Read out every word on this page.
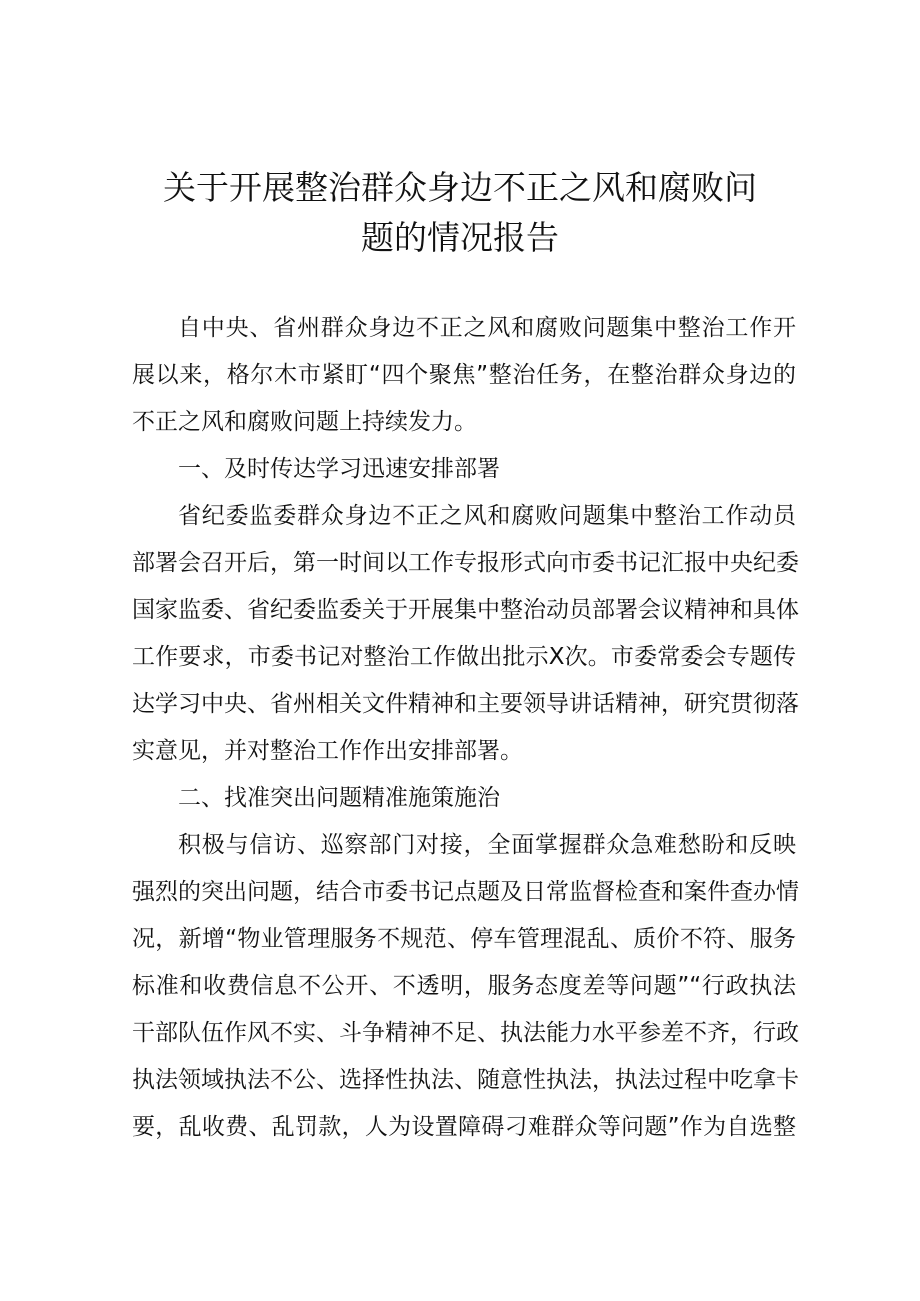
关于开展整治群众身边不正之风和腐败问
题的情况报告
自中央、省州群众身边不正之风和腐败问题集中整治工作开
展以来，格尔木市紧盯“四个聚焦”整治任务，在整治群众身边的
不正之风和腐败问题上持续发力。
一、及时传达学习迅速安排部署
省纪委监委群众身边不正之风和腐败问题集中整治工作动员
部署会召开后，第一时间以工作专报形式向市委书记汇报中央纪委
国家监委、省纪委监委关于开展集中整治动员部署会议精神和具体
工作要求，市委书记对整治工作做出批示X次。市委常委会专题传
达学习中央、省州相关文件精神和主要领导讲话精神，研究贯彻落
实意见，并对整治工作作出安排部署。
二、找准突出问题精准施策施治
积极与信访、巡察部门对接，全面掌握群众急难愁盼和反映
强烈的突出问题，结合市委书记点题及日常监督检查和案件查办情
况，新增“物业管理服务不规范、停车管理混乱、质价不符、服务
标准和收费信息不公开、不透明，服务态度差等问题”“行政执法
干部队伍作风不实、斗争精神不足、执法能力水平参差不齐，行政
执法领域执法不公、选择性执法、随意性执法，执法过程中吃拿卡
要，乱收费、乱罚款，人为设置障碍刁难群众等问题”作为自选整
